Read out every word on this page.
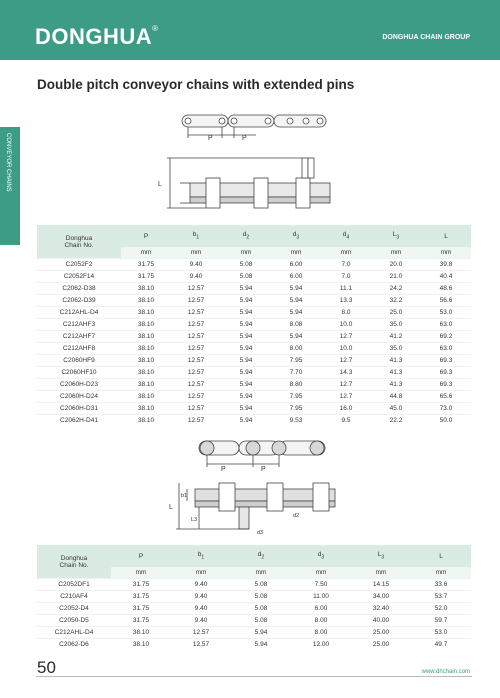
DONGHUA®
DONGHUA CHAIN GROUP
Double pitch conveyor chains with extended pins
CONVEYOR CHAINS	P	P
L
Donghua
Chain No.	P	$b_1$	$d_2$	$d_3$	$d_4$	$L_3$	L
	mm	mm	mm	mm	mm	mm	mm
C2052F2	31.75	9.40	5.08	6.00	7.0	20.0	39.8
C2052F14	31.75	9.40	5.08	6.00	7.0	21.0	40.4
C2062-D38	38.10	12.57	5.94	5.94	11.1	24.2	48.6
C2062-D39	38.10	12.57	5.94	5.94	13.3	32.2	56.6
C212AHL-D4	38.10	12.57	5.94	5.94	8.0	25.0	53.0
C212AHF3	38.10	12.57	5.94	8.08	10.0	35.0	63.0
C212AHF7	38.10	12.57	5.94	5.94	12.7	41.2	69.2
C212AHF8	38.10	12.57	5.94	8.00	10.0	35.0	63.0
C2060HF9	38.10	12.57	5.94	7.95	12.7	41.3	69.3
C2060HF10	38.10	12.57	5.94	7.70	14.3	41.3	69.3
C2060H-D23	38.10	12.57	5.94	8.80	12.7	41.3	69.3
C2060H-D24	38.10	12.57	5.94	7.95	12.7	44.8	65.6
C2060H-D31	38.10	12.57	5.94	7.95	16.0	45.0	73.0
C2062H-D41	38.10	12.57	5.94	9.53	9.5	22.2	50.0
P	P
L
b1
L3
d2
d3
Donghua
Chain No.	P	$b_1$	$d_2$	$d_3$	$L_3$	L
	mm	mm	mm	mm	mm	mm
C2052DF1	31.75	9.40	5.08	7.50	14.15	33.6
C210AF4	31.75	9.40	5.08	11.00	34.00	53.7
C2052-D4	31.75	9.40	5.08	6.00	32.40	52.0
C2050-D5	31.75	9.40	5.08	8.00	40.00	59.7
C212AHL-D4	38.10	12.57	5.94	8.00	25.00	53.0
C2062-D6	38.10	12.57	5.94	12.00	25.00	49.7
50	www.dhchain.com
